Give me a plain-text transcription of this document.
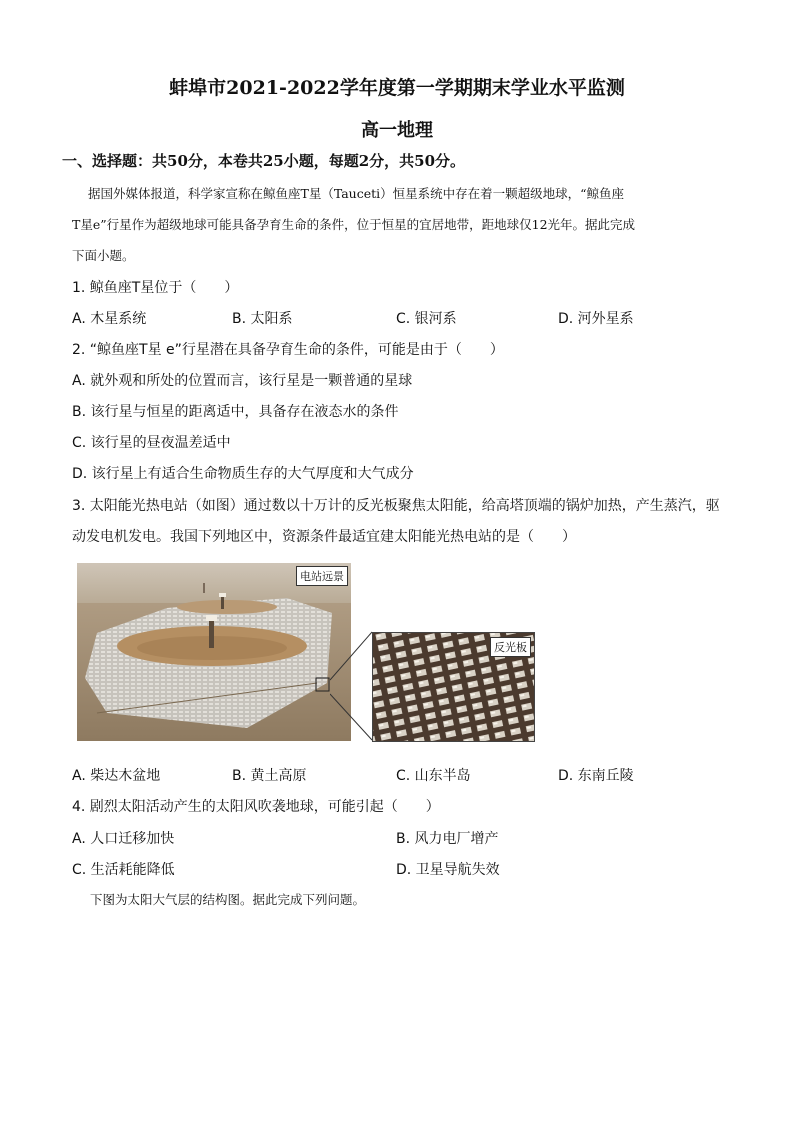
蚌埠市2021-2022学年度第一学期期末学业水平监测
高一地理
一、选择题：共50分，本卷共25小题，每题2分，共50分。
据国外媒体报道，科学家宣称在鲸鱼座T星（Tauceti）恒星系统中存在着一颗超级地球，“鲸鱼座
T星e”行星作为超级地球可能具备孕育生命的条件，位于恒星的宜居地带，距地球仅12光年。据此完成
下面小题。
1. 鲸鱼座T星位于（　　）
A. 木星系统	B. 太阳系	C. 银河系	D. 河外星系
2. “鲸鱼座T星 e”行星潜在具备孕育生命的条件，可能是由于（　　）
A. 就外观和所处的位置而言，该行星是一颗普通的星球
B. 该行星与恒星的距离适中，具备存在液态水的条件
C. 该行星的昼夜温差适中
D. 该行星上有适合生命物质生存的大气厚度和大气成分
3. 太阳能光热电站（如图）通过数以十万计的反光板聚焦太阳能，给高塔顶端的锅炉加热，产生蒸汽，驱
动发电机发电。我国下列地区中，资源条件最适宜建太阳能光热电站的是（　　）
电站远景
反光板
A. 柴达木盆地	B. 黄土高原	C. 山东半岛	D. 东南丘陵
4. 剧烈太阳活动产生的太阳风吹袭地球，可能引起（　　）
A. 人口迁移加快	B. 风力电厂增产
C. 生活耗能降低	D. 卫星导航失效
下图为太阳大气层的结构图。据此完成下列问题。
